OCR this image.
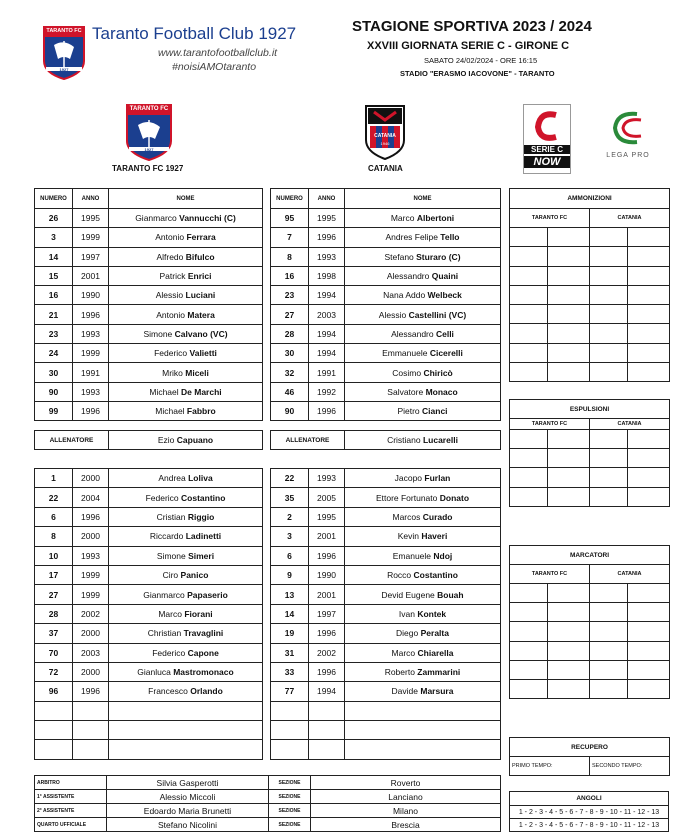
TARANTO FC
1927
Taranto Football Club 1927
www.tarantofootballclub.it
#noisiAMOtaranto
STAGIONE SPORTIVA 2023 / 2024
XXVIII GIORNATA SERIE C - GIRONE C
SABATO 24/02/2024 - ORE 16:15
STADIO "ERASMO IACOVONE" - TARANTO
TARANTO FC
1927
TARANTO FC 1927
CATANIA
1946
CATANIA
SERIE C
NOW
LEGA PRO
NUMERO	ANNO	NOME
26	1995	Gianmarco Vannucchi (C)
3	1999	Antonio Ferrara
14	1997	Alfredo Bifulco
15	2001	Patrick Enrici
16	1990	Alessio Luciani
21	1996	Antonio Matera
23	1993	Simone Calvano (VC)
24	1999	Federico Valietti
30	1991	Mriko Miceli
90	1993	Michael De Marchi
99	1996	Michael Fabbro
NUMERO	ANNO	NOME
95	1995	Marco Albertoni
7	1996	Andres Felipe Tello
8	1993	Stefano Sturaro (C)
16	1998	Alessandro Quaini
23	1994	Nana Addo Welbeck
27	2003	Alessio Castellini (VC)
28	1994	Alessandro Celli
30	1994	Emmanuele Cicerelli
32	1991	Cosimo Chiricò
46	1992	Salvatore Monaco
90	1996	Pietro Cianci
ALLENATORE	Ezio Capuano	ALLENATORE	Cristiano Lucarelli
1	2000	Andrea Loliva
22	2004	Federico Costantino
6	1996	Cristian Riggio
8	2000	Riccardo Ladinetti
10	1993	Simone Simeri
17	1999	Ciro Panico
27	1999	Gianmarco Papaserio
28	2002	Marco Fiorani
37	2000	Christian Travaglini
70	2003	Federico Capone
72	2000	Gianluca Mastromonaco
96	1996	Francesco Orlando

22	1993	Jacopo Furlan
35	2005	Ettore Fortunato Donato
2	1995	Marcos Curado
3	2001	Kevin Haveri
6	1996	Emanuele Ndoj
9	1990	Rocco Costantino
13	2001	Devid Eugene Bouah
14	1997	Ivan Kontek
19	1996	Diego Peralta
31	2002	Marco Chiarella
33	1996	Roberto Zammarini
77	1994	Davide Marsura

AMMONIZIONI			
TARANTO FC		CATANIA	

ESPULSIONI			
TARANTO FC		CATANIA	

MARCATORI			
TARANTO FC		CATANIA	

RECUPERO
PRIMO TEMPO:	SECONDO TEMPO:
ANGOLI
1 - 2 - 3 - 4 - 5 - 6 - 7 - 8 - 9 - 10 - 11 - 12 - 13
1 - 2 - 3 - 4 - 5 - 6 - 7 - 8 - 9 - 10 - 11 - 12 - 13
ARBITRO	Silvia Gasperotti	SEZIONE	Roverto
1° ASSISTENTE	Alessio Miccoli	SEZIONE	Lanciano
2° ASSISTENTE	Edoardo Maria Brunetti	SEZIONE	Milano
QUARTO UFFICIALE	Stefano Nicolini	SEZIONE	Brescia
